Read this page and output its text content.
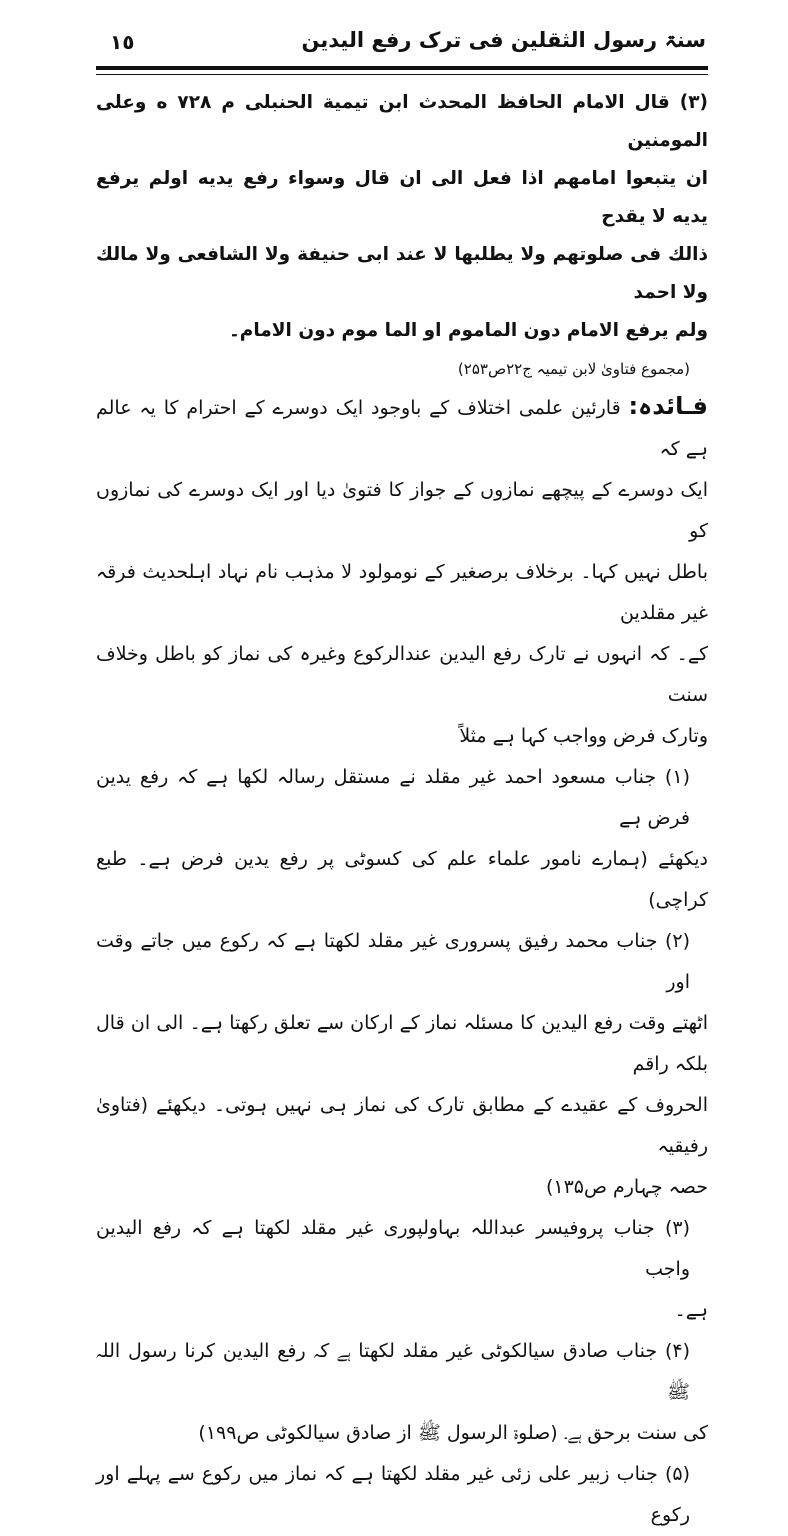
١٥	سنۃ رسول الثقلین فی ترک رفع الیدین

(٣) قال الامام الحافظ المحدث ابن تيمية الحنبلى م ٧٢٨ ه وعلى المومنين

ان يتبعوا امامهم اذا فعل الى ان قال وسواء رفع يديه اولم يرفع يديه لا يقدح

ذالك فى صلوتهم ولا يطلبها لا عند ابى حنيفة ولا الشافعى ولا مالك ولا احمد

ولم يرفع الامام دون الماموم او الما موم دون الامام۔

(مجموع فتاویٰ لابن تیمیہ ج۲۲ص۲۵۳)

فـائدہ: قارئین علمی اختلاف کے باوجود ایک دوسرے کے احترام کا یہ عالم ہے کہ

ایک دوسرے کے پیچھے نمازوں کے جواز کا فتویٰ دیا اور ایک دوسرے کی نمازوں کو

باطل نہیں کہا۔ برخلاف برصغیر کے نومولود لا مذہب نام نہاد اہلحدیث فرقہ غیر مقلدین

کے۔ کہ انہوں نے تارک رفع الیدین عندالرکوع وغیرہ کی نماز کو باطل وخلاف سنت

وتارک فرض وواجب کہا ہے مثلاً

(۱) جناب مسعود احمد غیر مقلد نے مستقل رسالہ لکھا ہے کہ رفع یدین فرض ہے

دیکھئے (ہمارے نامور علماء علم کی کسوٹی پر رفع یدین فرض ہے۔ طبع کراچی)

(۲) جناب محمد رفیق پسروری غیر مقلد لکھتا ہے کہ رکوع میں جاتے وقت اور

اٹھتے وقت رفع الیدین کا مسئلہ نماز کے ارکان سے تعلق رکھتا ہے۔ الی ان قال بلکہ راقم

الحروف کے عقیدے کے مطابق تارک کی نماز ہی نہیں ہوتی۔ دیکھئے (فتاویٰ رفیقیہ

حصہ چہارم ص۱۳۵)

(۳) جناب پروفیسر عبداللہ بہاولپوری غیر مقلد لکھتا ہے کہ رفع الیدین واجب

ہے۔

(۴) جناب صادق سیالکوٹی غیر مقلد لکھتا ہے کہ رفع الیدین کرنا رسول اللہ ﷺ

کی سنت برحق ہے۔ (صلوۃ الرسول ﷺ از صادق سیالکوٹی ص۱۹۹)

(۵) جناب زبیر علی زئی غیر مقلد لکھتا ہے کہ نماز میں رکوع سے پہلے اور رکوع
